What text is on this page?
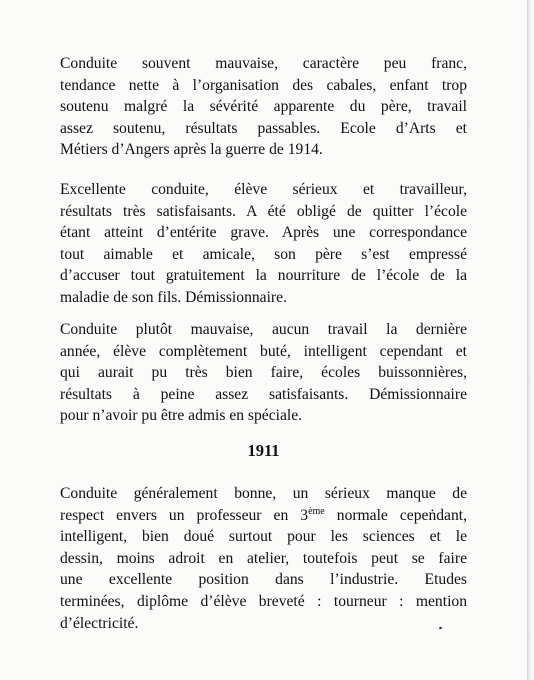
Conduite souvent mauvaise, caractère peu franc,
tendance nette à l’organisation des cabales, enfant trop
soutenu malgré la sévérité apparente du père, travail
assez soutenu, résultats passables. Ecole d’Arts et
Métiers d’Angers après la guerre de 1914.
Excellente conduite, élève sérieux et travailleur,
résultats très satisfaisants. A été obligé de quitter l’école
étant atteint d’entérite grave. Après une correspondance
tout aimable et amicale, son père s’est empressé
d’accuser tout gratuitement la nourriture de l’école de la
maladie de son fils. Démissionnaire.
Conduite plutôt mauvaise, aucun travail la dernière
année, élève complètement buté, intelligent cependant et
qui aurait pu très bien faire, écoles buissonnières,
résultats à peine assez satisfaisants. Démissionnaire
pour n’avoir pu être admis en spéciale.
1911
Conduite généralement bonne, un sérieux manque de
respect envers un professeur en 3ème normale cepeṅdant,
intelligent, bien doué surtout pour les sciences et le
dessin, moins adroit en atelier, toutefois peut se faire
une excellente position dans l’industrie. Etudes
terminées, diplôme d’élève breveté : tourneur : mention
d’électricité.
